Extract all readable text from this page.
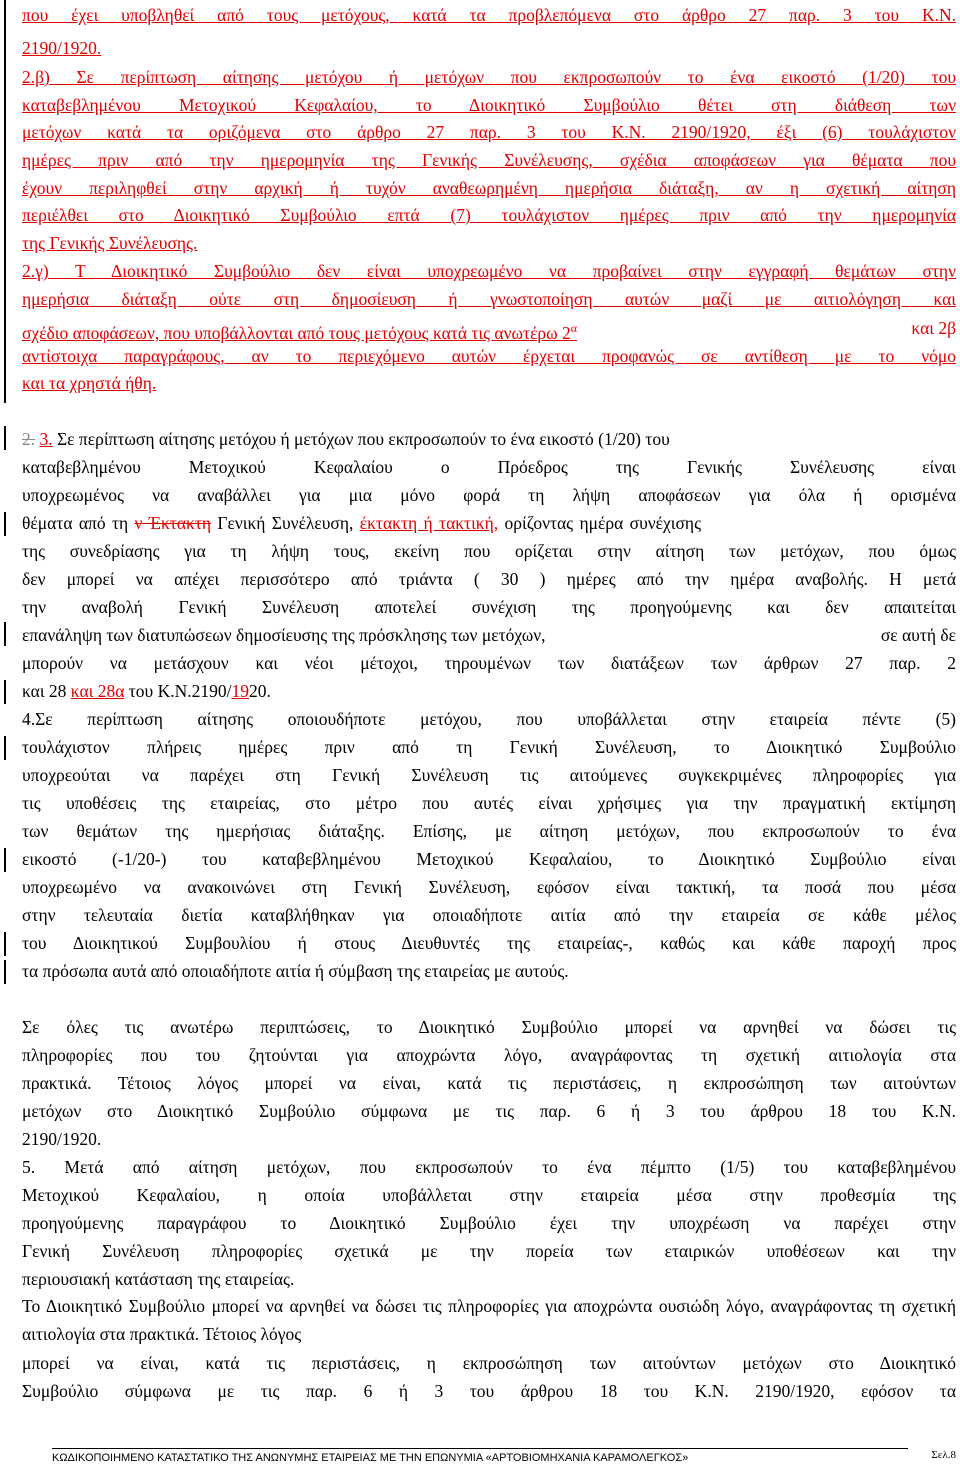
που έχει υποβληθεί από τους μετόχους, κατά τα προβλεπόμενα στο άρθρο 27 παρ. 3 του Κ.Ν.
2190/1920.
2.β) Σε περίπτωση αίτησης μετόχου ή μετόχων που εκπροσωπούν το ένα εικοστό (1/20) του
καταβεβλημένου Μετοχικού Κεφαλαίου, το Διοικητικό Συμβούλιο θέτει στη διάθεση των
μετόχων κατά τα οριζόμενα στο άρθρο 27 παρ. 3 του Κ.Ν. 2190/1920, έξι (6) τουλάχιστον
ημέρες πριν από την ημερομηνία της Γενικής Συνέλευσης, σχέδια αποφάσεων για θέματα που
έχουν περιληφθεί στην αρχική ή τυχόν αναθεωρημένη ημερήσια διάταξη, αν η σχετική αίτηση
περιέλθει στο Διοικητικό Συμβούλιο επτά (7) τουλάχιστον ημέρες πριν από την ημερομηνία
της Γενικής Συνέλευσης.
2.γ) Τ Διοικητικό Συμβούλιο δεν είναι υποχρεωμένο να προβαίνει στην εγγραφή θεμάτων στην
ημερήσια διάταξη ούτε στη δημοσίευση ή γνωστοποίηση αυτών μαζί με αιτιολόγηση και
σχέδιο αποφάσεων, που υποβάλλονται από τους μετόχους κατά τις ανωτέρω $2^\alpha$	και 2β
αντίστοιχα παραγράφους, αν το περιεχόμενο αυτών έρχεται προφανώς σε αντίθεση με το νόμο
και τα χρηστά ήθη.
2. 3. Σε περίπτωση αίτησης μετόχου ή μετόχων που εκπροσωπούν το ένα εικοστό (1/20) του
καταβεβλημένου Μετοχικού Κεφαλαίου ο Πρόεδρος της Γενικής Συνέλευσης είναι
υποχρεωμένος να αναβάλλει για μια μόνο φορά τη λήψη αποφάσεων για όλα ή ορισμένα
θέματα από τη ν Έκτακτη Γενική Συνέλευση, έκτακτη ή τακτική, ορίζοντας ημέρα συνέχισης
της συνεδρίασης για τη λήψη τους, εκείνη που ορίζεται στην αίτηση των μετόχων, που όμως
δεν μπορεί να απέχει περισσότερο από τριάντα ( 30 ) ημέρες από την ημέρα αναβολής. Η μετά
την αναβολή Γενική Συνέλευση αποτελεί συνέχιση της προηγούμενης και δεν απαιτείται
επανάληψη των διατυπώσεων δημοσίευσης της πρόσκλησης των μετόχων,	σε αυτή δε
μπορούν να μετάσχουν και νέοι μέτοχοι, τηρουμένων των διατάξεων των άρθρων 27 παρ. 2
και 28 και 28α του Κ.Ν.2190/1920.
4.Σε περίπτωση αίτησης οποιουδήποτε μετόχου, που υποβάλλεται στην εταιρεία πέντε (5)
τουλάχιστον πλήρεις ημέρες πριν από τη Γενική Συνέλευση, το Διοικητικό Συμβούλιο
υποχρεούται να παρέχει στη Γενική Συνέλευση τις αιτούμενες συγκεκριμένες πληροφορίες για
τις υποθέσεις της εταιρείας, στο μέτρο που αυτές είναι χρήσιμες για την πραγματική εκτίμηση
των θεμάτων της ημερήσιας διάταξης. Επίσης, με αίτηση μετόχων, που εκπροσωπούν το ένα
εικοστό (-1/20-) του καταβεβλημένου Μετοχικού Κεφαλαίου, το Διοικητικό Συμβούλιο είναι
υποχρεωμένο να ανακοινώνει στη Γενική Συνέλευση, εφόσον είναι τακτική, τα ποσά που μέσα
στην τελευταία διετία καταβλήθηκαν για οποιαδήποτε αιτία από την εταιρεία σε κάθε μέλος
του Διοικητικού Συμβουλίου ή στους Διευθυντές της εταιρείας-, καθώς και κάθε παροχή προς
τα πρόσωπα αυτά από οποιαδήποτε αιτία ή σύμβαση της εταιρείας με αυτούς.
Σε όλες τις ανωτέρω περιπτώσεις, το Διοικητικό Συμβούλιο μπορεί να αρνηθεί να δώσει τις
πληροφορίες που του ζητούνται για αποχρώντα λόγο, αναγράφοντας τη σχετική αιτιολογία στα
πρακτικά. Τέτοιος λόγος μπορεί να είναι, κατά τις περιστάσεις, η εκπροσώπηση των αιτούντων
μετόχων στο Διοικητικό Συμβούλιο σύμφωνα με τις παρ. 6 ή 3 του άρθρου 18 του Κ.Ν.
2190/1920.
5. Μετά από αίτηση μετόχων, που εκπροσωπούν το ένα πέμπτο (1/5) του καταβεβλημένου
Μετοχικού Κεφαλαίου, η οποία υποβάλλεται στην εταιρεία μέσα στην προθεσμία της
προηγούμενης παραγράφου το Διοικητικό Συμβούλιο έχει την υποχρέωση να παρέχει στην
Γενική Συνέλευση πληροφορίες σχετικά με την πορεία των εταιρικών υποθέσεων και την
περιουσιακή κατάσταση της εταιρείας.
Το Διοικητικό Συμβούλιο μπορεί να αρνηθεί να δώσει τις πληροφορίες για αποχρώντα ουσιώδη λόγο, αναγράφοντας τη σχετική αιτιολογία στα πρακτικά. Τέτοιος λόγος
μπορεί να είναι, κατά τις περιστάσεις, η εκπροσώπηση των αιτούντων μετόχων στο Διοικητικό
Συμβούλιο σύμφωνα με τις παρ. 6 ή 3 του άρθρου 18 του Κ.Ν. 2190/1920, εφόσον τα
ΚΩΔΙΚΟΠΟΙΗΜΕΝΟ ΚΑΤΑΣΤΑΤΙΚΟ ΤΗΣ ΑΝΩΝΥΜΗΣ ΕΤΑΙΡΕΙΑΣ ΜΕ ΤΗΝ ΕΠΩΝΥΜΙΑ «ΑΡΤΟΒΙΟΜΗΧΑΝΙΑ ΚΑΡΑΜΟΛΕΓΚΟΣ»	Σελ.8
